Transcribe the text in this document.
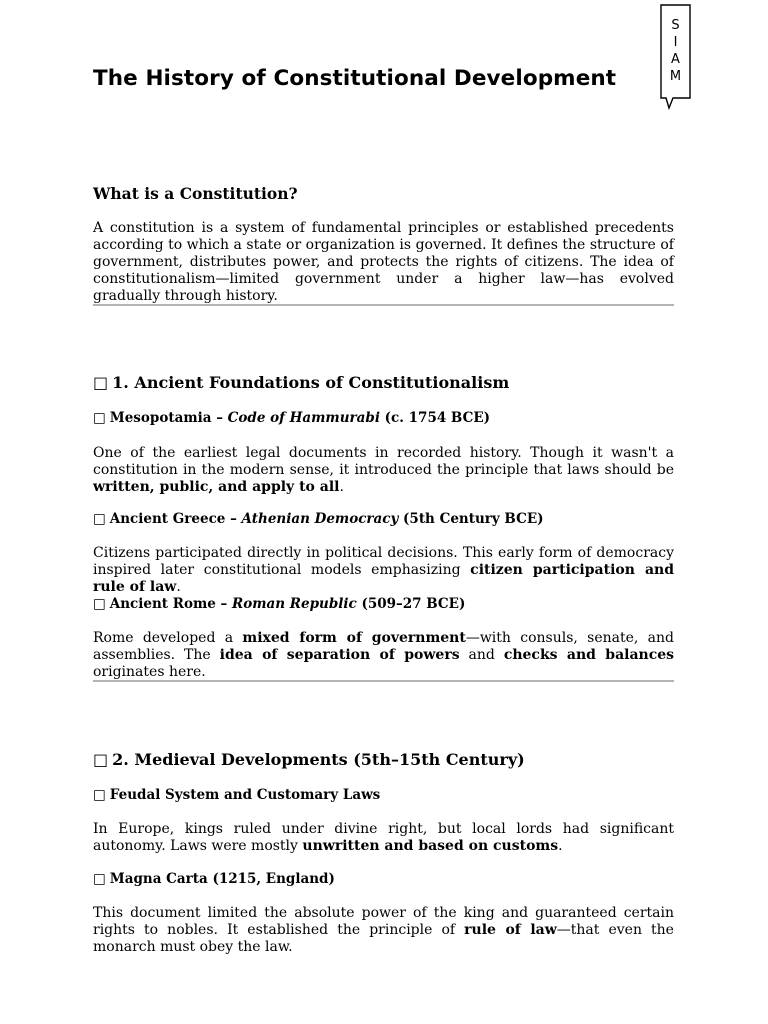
The History of Constitutional Development
S
I
A
M
What is a Constitution?

A constitution is a system of fundamental principles or established precedents according to which a state or organization is governed. It defines the structure of government, distributes power, and protects the rights of citizens. The idea of constitutionalism—limited government under a higher law—has evolved gradually through history.

□ 1. Ancient Foundations of Constitutionalism
□ Mesopotamia – Code of Hammurabi (c. 1754 BCE)

One of the earliest legal documents in recorded history. Though it wasn't a constitution in the modern sense, it introduced the principle that laws should be written, public, and apply to all.

□ Ancient Greece – Athenian Democracy (5th Century BCE)

Citizens participated directly in political decisions. This early form of democracy inspired later constitutional models emphasizing citizen participation and rule of law.

□ Ancient Rome – Roman Republic (509–27 BCE)

Rome developed a mixed form of government—with consuls, senate, and assemblies. The idea of separation of powers and checks and balances originates here.

□ 2. Medieval Developments (5th–15th Century)
□ Feudal System and Customary Laws

In Europe, kings ruled under divine right, but local lords had significant autonomy. Laws were mostly unwritten and based on customs.

□ Magna Carta (1215, England)

This document limited the absolute power of the king and guaranteed certain rights to nobles. It established the principle of rule of law—that even the monarch must obey the law.
